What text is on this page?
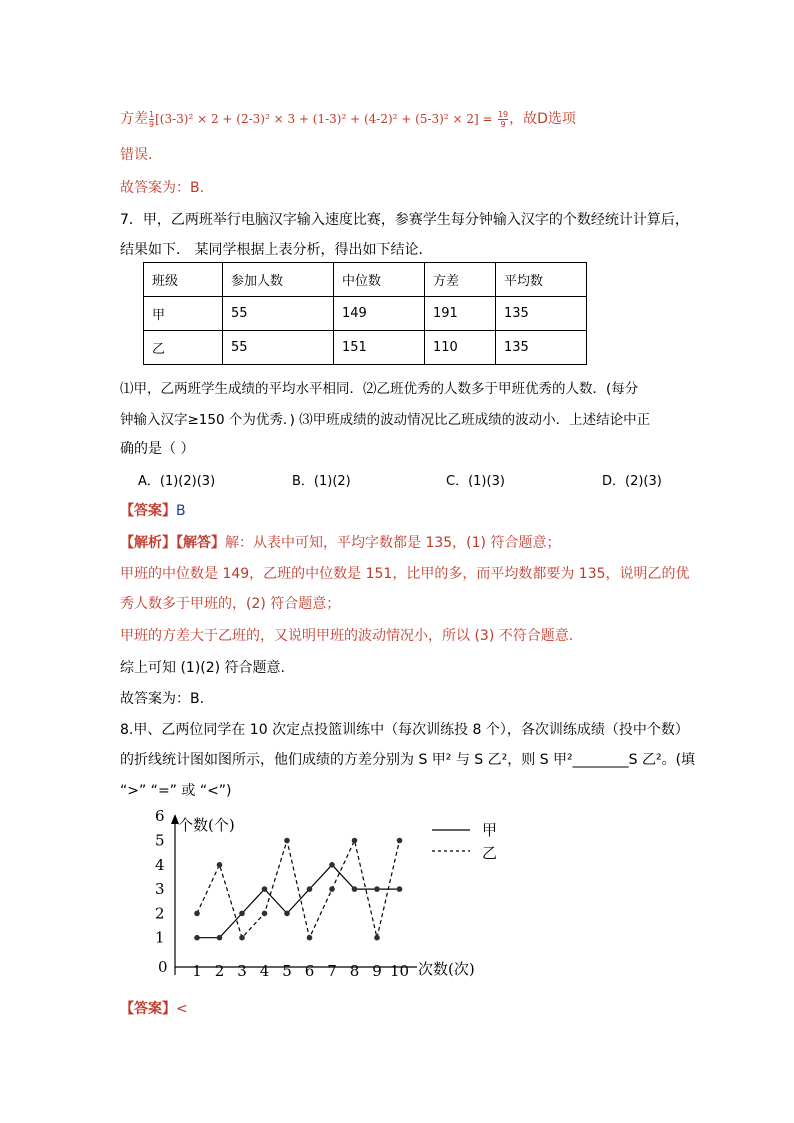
方差 $\frac{1}{9} [(3-3)^2 \times 2 + (2-3)^2 \times 3 + (1-3)^2 + (4-2)^2 + (5-3)^2 \times 2] = \frac{19}{9}$ ，故D选项
错误.
故答案为：B.
7．甲，乙两班举行电脑汉字输入速度比赛，参赛学生每分钟输入汉字的个数经统计计算后，
结果如下． 某同学根据上表分析，得出如下结论．
班级	参加人数	中位数	方差	平均数
甲	55	149	191	135
乙	55	151	110	135
⑴甲，乙两班学生成绩的平均水平相同．⑵乙班优秀的人数多于甲班优秀的人数．(每分
钟输入汉字≥150 个为优秀．) ⑶甲班成绩的波动情况比乙班成绩的波动小．上述结论中正
确的是（ ）
A．(1)(2)(3)	B．(1)(2)	C．(1)(3)	D．(2)(3)
【答案】B
【解析】【解答】解：从表中可知，平均字数都是 135，(1) 符合题意；
甲班的中位数是 149，乙班的中位数是 151，比甲的多，而平均数都要为 135，说明乙的优
秀人数多于甲班的，(2) 符合题意；
甲班的方差大于乙班的，又说明甲班的波动情况小，所以 (3) 不符合题意.
综上可知 (1)(2) 符合题意.
故答案为：B.
8.甲、乙两位同学在 10 次定点投篮训练中（每次训练投 8 个），各次训练成绩（投中个数）
的折线统计图如图所示，他们成绩的方差分别为 S 甲² 与 S 乙²，则 S 甲²________S 乙²。(填
“>” “=” 或 “<”)
个数(个)
次数(次)
0
1
2
3
4
5
6
1 2 3 4 5 6 7 8 9 10
甲
乙
【答案】<
